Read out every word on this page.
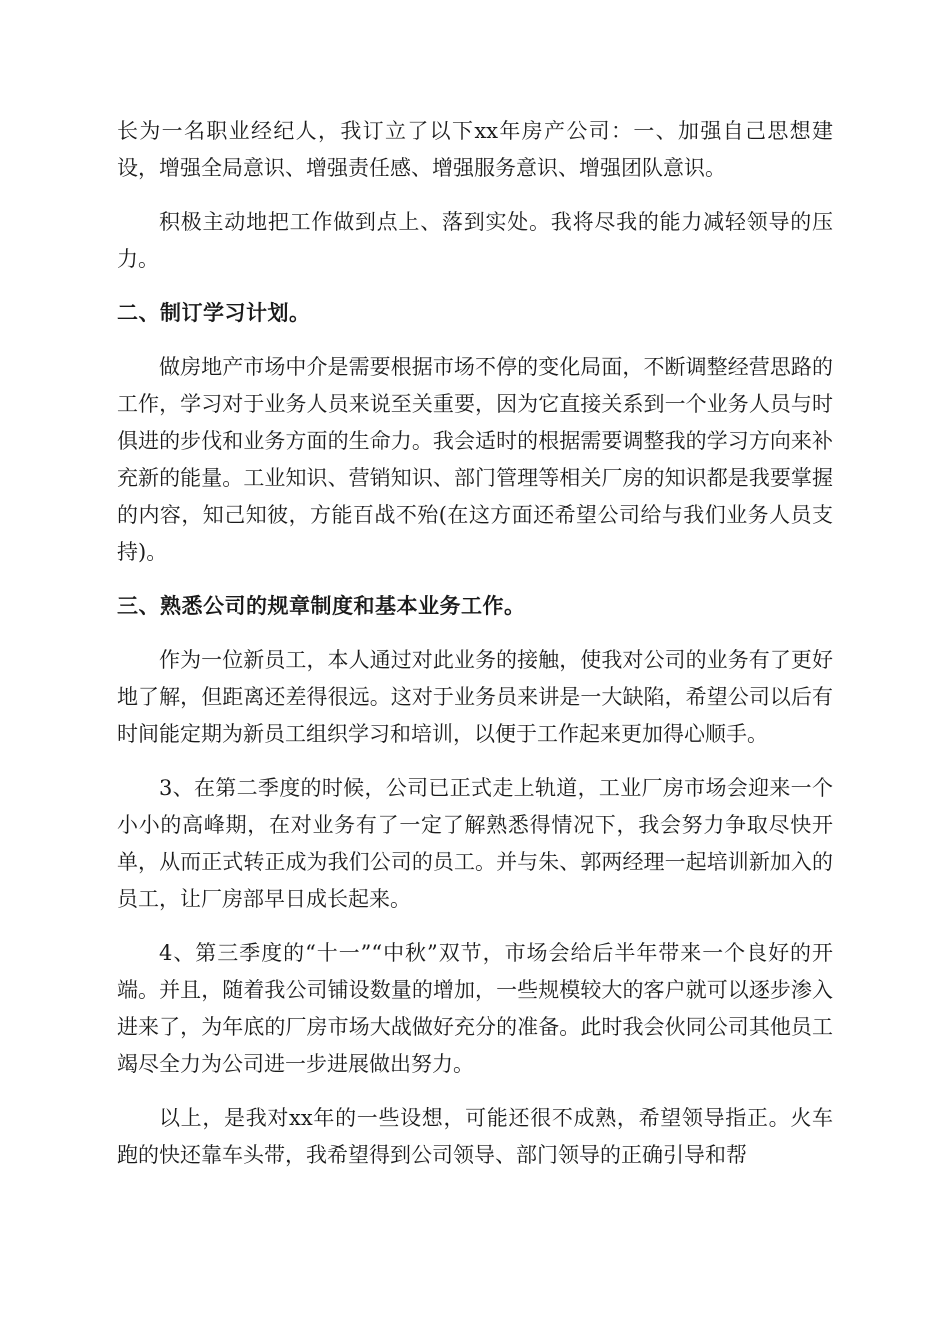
长为一名职业经纪人，我订立了以下xx年房产公司：一、加强自己思想建设，增强全局意识、增强责任感、增强服务意识、增强团队意识。

积极主动地把工作做到点上、落到实处。我将尽我的能力减轻领导的压力。

二、制订学习计划。

做房地产市场中介是需要根据市场不停的变化局面，不断调整经营思路的工作，学习对于业务人员来说至关重要，因为它直接关系到一个业务人员与时俱进的步伐和业务方面的生命力。我会适时的根据需要调整我的学习方向来补充新的能量。工业知识、营销知识、部门管理等相关厂房的知识都是我要掌握的内容，知己知彼，方能百战不殆(在这方面还希望公司给与我们业务人员支持)。

三、熟悉公司的规章制度和基本业务工作。

作为一位新员工，本人通过对此业务的接触，使我对公司的业务有了更好地了解，但距离还差得很远。这对于业务员来讲是一大缺陷，希望公司以后有时间能定期为新员工组织学习和培训，以便于工作起来更加得心顺手。

3、在第二季度的时候，公司已正式走上轨道，工业厂房市场会迎来一个小小的高峰期，在对业务有了一定了解熟悉得情况下，我会努力争取尽快开单，从而正式转正成为我们公司的员工。并与朱、郭两经理一起培训新加入的员工，让厂房部早日成长起来。

4、第三季度的“十一”“中秋”双节，市场会给后半年带来一个良好的开端。并且，随着我公司铺设数量的增加，一些规模较大的客户就可以逐步渗入进来了，为年底的厂房市场大战做好充分的准备。此时我会伙同公司其他员工竭尽全力为公司进一步进展做出努力。

以上，是我对xx年的一些设想，可能还很不成熟，希望领导指正。火车跑的快还靠车头带，我希望得到公司领导、部门领导的正确引导和帮
